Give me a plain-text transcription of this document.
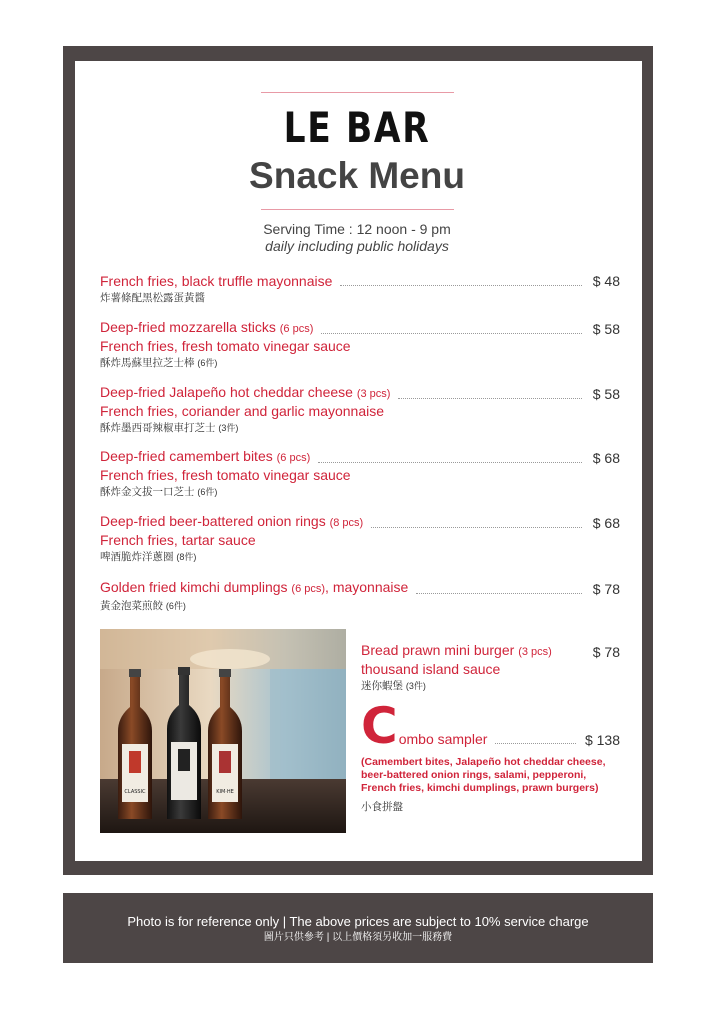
LE BAR
Snack Menu
Serving Time : 12 noon - 9 pm
daily including public holidays
French fries, black truffle mayonnaise	$ 48
炸薯條配黑松露蛋黃醬
Deep-fried mozzarella sticks (6 pcs)	$ 58
French fries, fresh tomato vinegar sauce
酥炸馬蘇里拉芝士棒 (6件)
Deep-fried Jalapeño hot cheddar cheese (3 pcs)	$ 58
French fries, coriander and garlic mayonnaise
酥炸墨西哥辣椒車打芝士 (3件)
Deep-fried camembert bites (6 pcs)	$ 68
French fries, fresh tomato vinegar sauce
酥炸金文拔一口芝士 (6件)
Deep-fried beer-battered onion rings (8 pcs)	$ 68
French fries, tartar sauce
啤酒脆炸洋蔥圈 (8件)
Golden fried kimchi dumplings (6 pcs), mayonnaise	$ 78
黃金泡菜煎餃 (6件)
CLASSIC	KIM·HE
Bread prawn mini burger (3 pcs)	$ 78
thousand island sauce
迷你蝦堡 (3件)
C ombo sampler	$ 138
(Camembert bites, Jalapeño hot cheddar cheese, beer-battered onion rings, salami, pepperoni, French fries, kimchi dumplings, prawn burgers)
小食拼盤
Photo is for reference only | The above prices are subject to 10% service charge
圖片只供參考 | 以上價格須另收加一服務費
